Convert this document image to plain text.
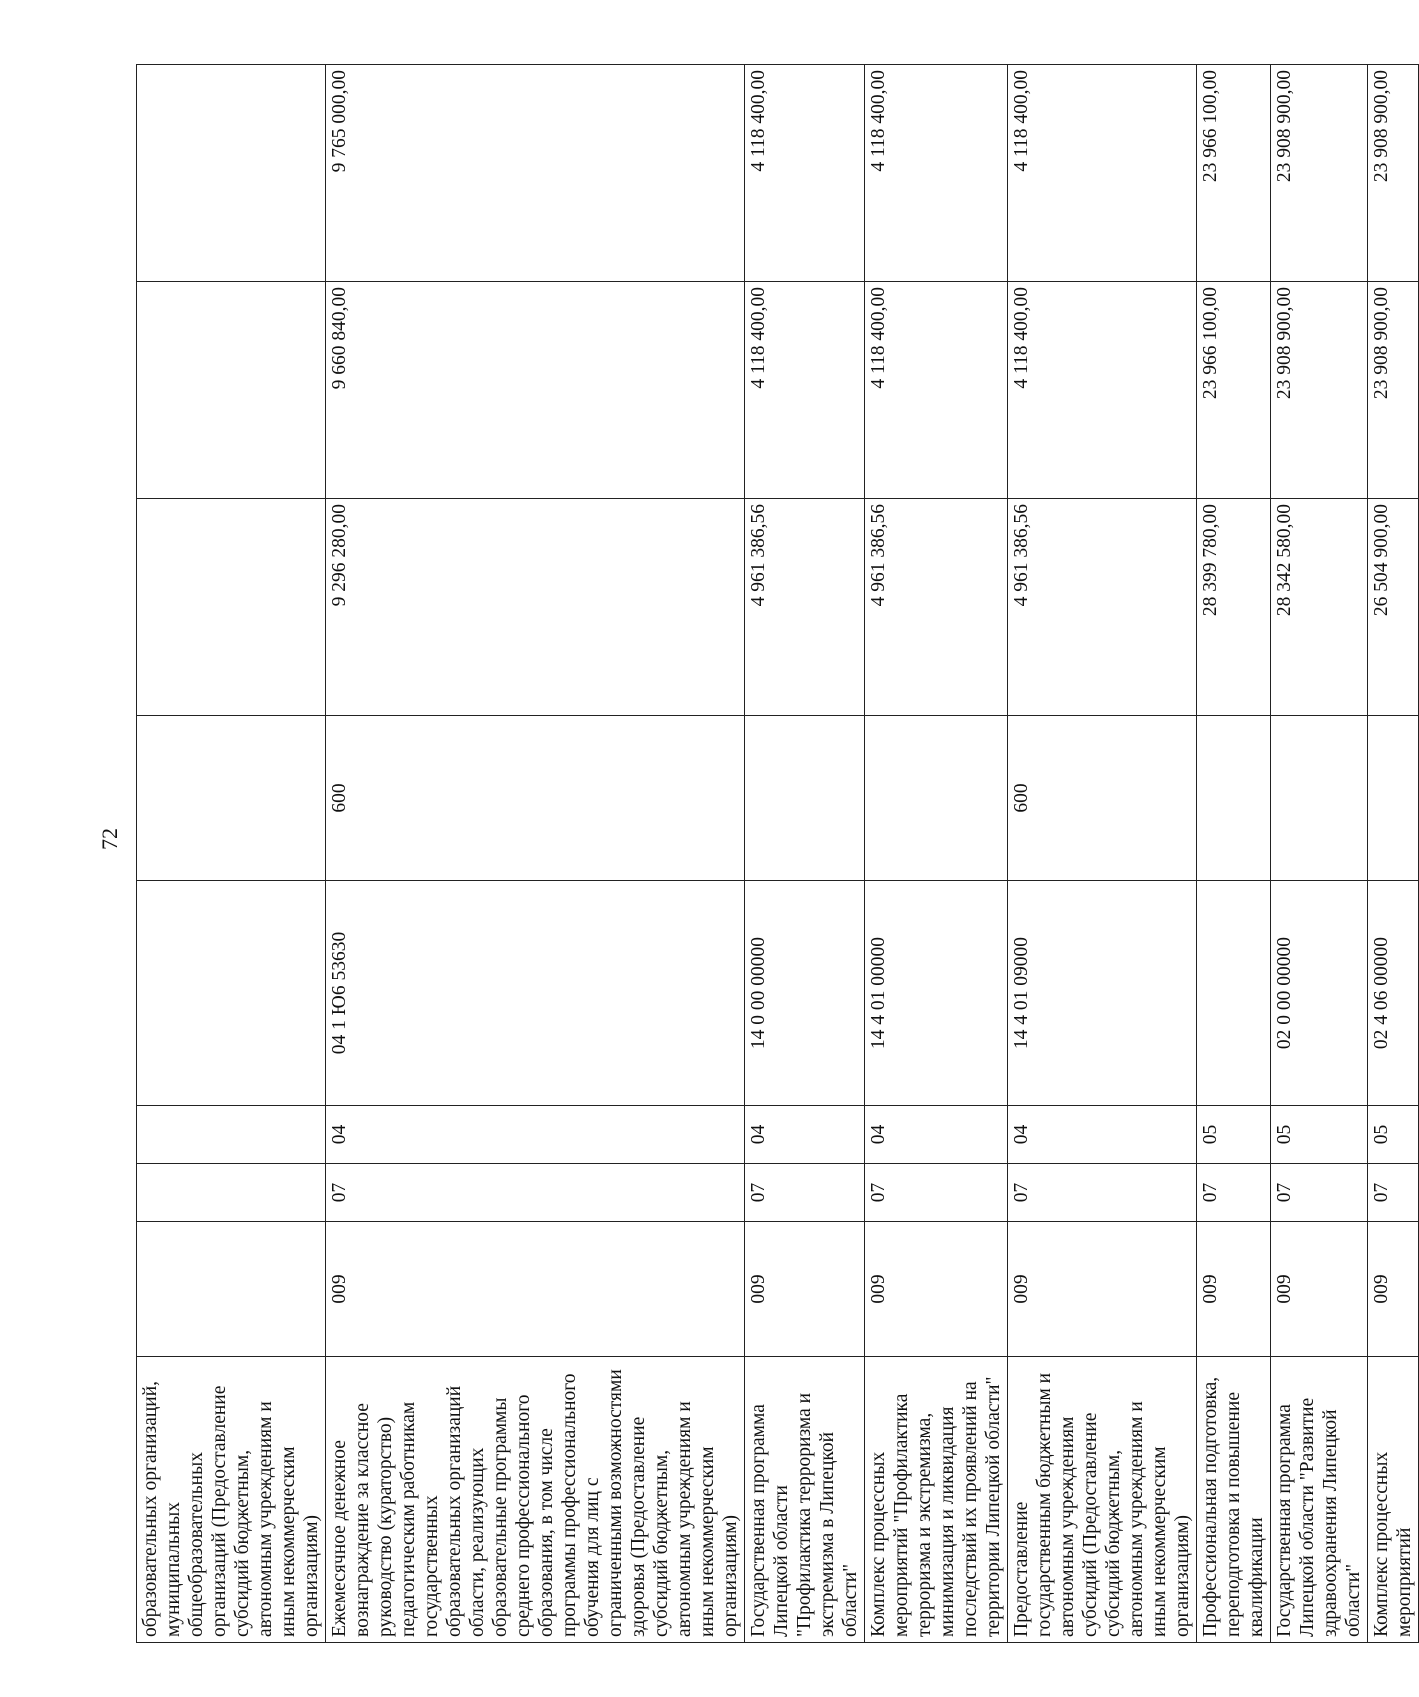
72
образовательных организаций, муниципальных общеобразовательных организаций (Предоставление субсидий бюджетным, автономным учреждениям и иным некоммерческим организациям)								
Ежемесячное денежное вознаграждение за классное руководство (кураторство) педагогическим работникам государственных образовательных организаций области, реализующих образовательные программы среднего профессионального образования, в том числе программы профессионального обучения для лиц с ограниченными возможностями здоровья (Предоставление субсидий бюджетным, автономным учреждениям и иным некоммерческим организациям)	009	07	04	04 1 Ю6 53630	600	9 296 280,00	9 660 840,00	9 765 000,00
Государственная программа Липецкой области "Профилактика терроризма и экстремизма в Липецкой области"	009	07	04	14 0 00 00000		4 961 386,56	4 118 400,00	4 118 400,00
Комплекс процессных мероприятий "Профилактика терроризма и экстремизма, минимизация и ликвидация последствий их проявлений на территории Липецкой области"	009	07	04	14 4 01 00000		4 961 386,56	4 118 400,00	4 118 400,00
Предоставление государственным бюджетным и автономным учреждениям субсидий (Предоставление субсидий бюджетным, автономным учреждениям и иным некоммерческим организациям)	009	07	04	14 4 01 09000	600	4 961 386,56	4 118 400,00	4 118 400,00
Профессиональная подготовка, переподготовка и повышение квалификации	009	07	05			28 399 780,00	23 966 100,00	23 966 100,00
Государственная программа Липецкой области "Развитие здравоохранения Липецкой области"	009	07	05	02 0 00 00000		28 342 580,00	23 908 900,00	23 908 900,00
Комплекс процессных мероприятий	009	07	05	02 4 06 00000		26 504 900,00	23 908 900,00	23 908 900,00
